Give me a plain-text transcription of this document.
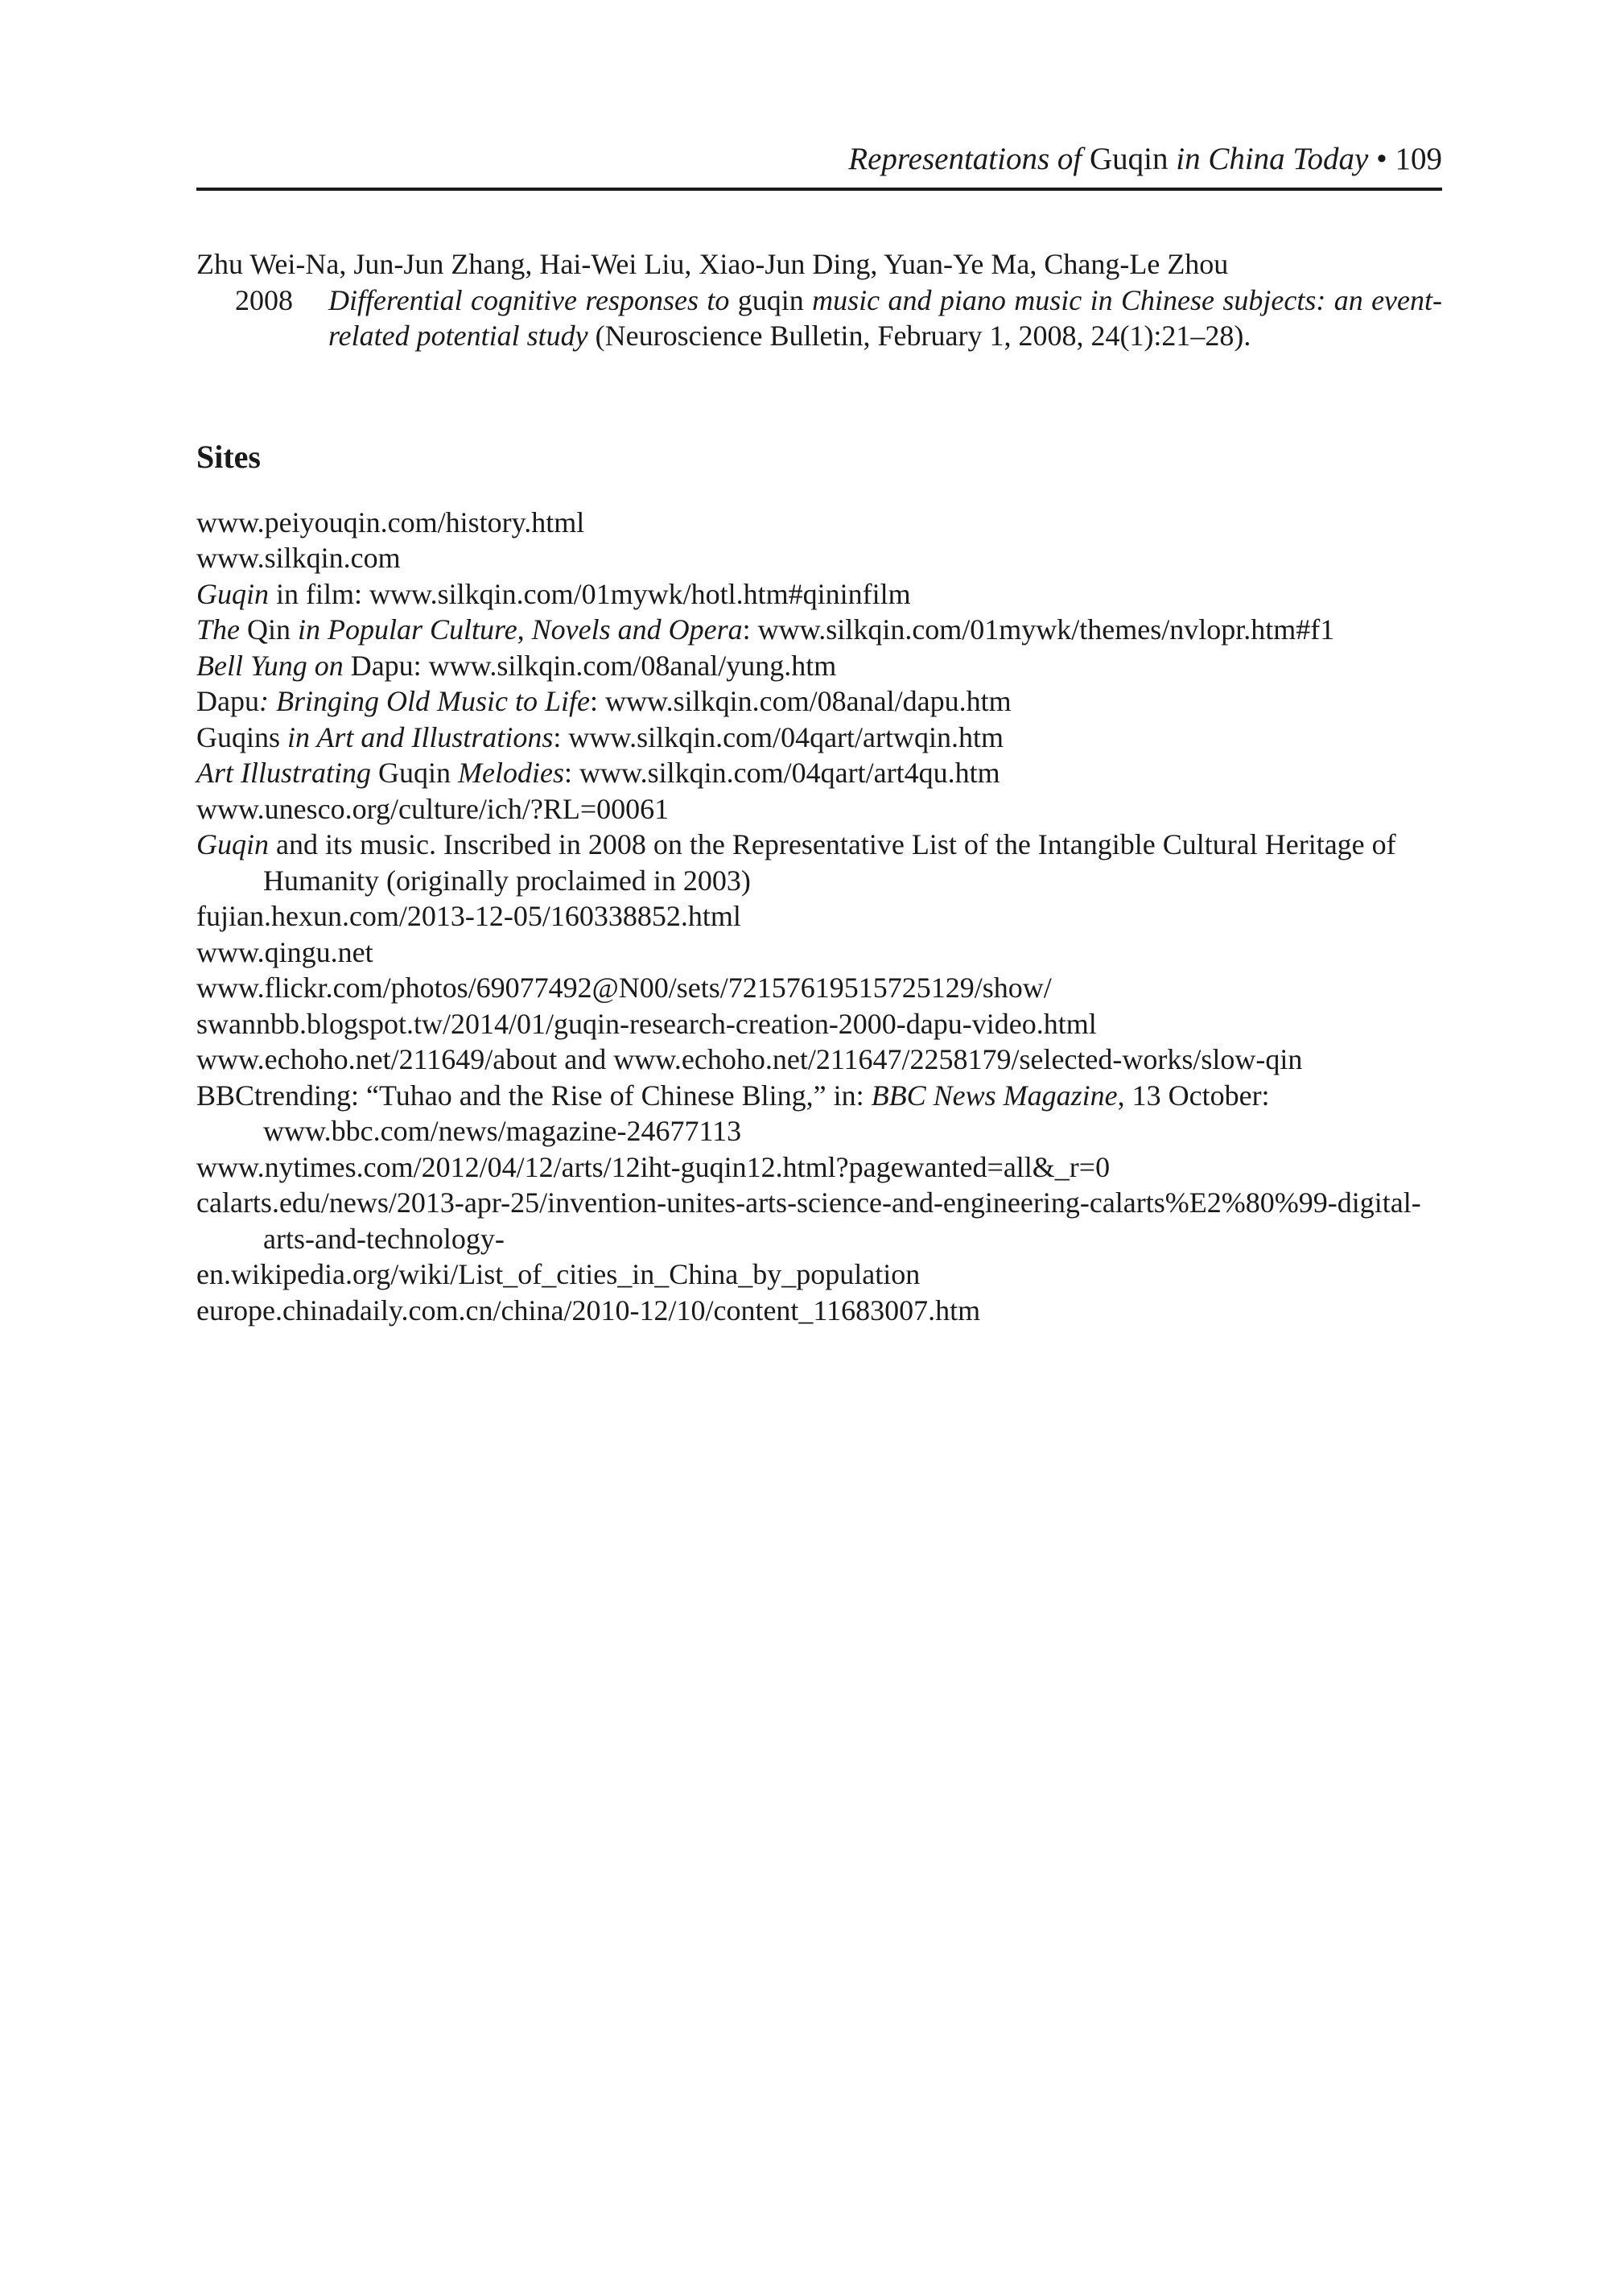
Representations of Guqin in China Today • 109

Zhu Wei-Na, Jun-Jun Zhang, Hai-Wei Liu, Xiao-Jun Ding, Yuan-Ye Ma, Chang-Le Zhou

2008	Differential cognitive responses to guqin music and piano music in Chinese subjects: an event-related potential study (Neuroscience Bulletin, February 1, 2008, 24(1):21–28).
Sites
www.peiyouqin.com/history.html
www.silkqin.com
Guqin in film: www.silkqin.com/01mywk/hotl.htm#qininfilm
The Qin in Popular Culture, Novels and Opera: www.silkqin.com/01mywk/themes/nvlopr.htm#f1
Bell Yung on Dapu: www.silkqin.com/08anal/yung.htm
Dapu: Bringing Old Music to Life: www.silkqin.com/08anal/dapu.htm
Guqins in Art and Illustrations: www.silkqin.com/04qart/artwqin.htm
Art Illustrating Guqin Melodies: www.silkqin.com/04qart/art4qu.htm
www.unesco.org/culture/ich/?RL=00061
Guqin and its music. Inscribed in 2008 on the Representative List of the Intangible Cultural Heritage of Humanity (originally proclaimed in 2003)
fujian.hexun.com/2013-12-05/160338852.html
www.qingu.net
www.flickr.com/photos/69077492@N00/sets/72157619515725129/show/
swannbb.blogspot.tw/2014/01/guqin-research-creation-2000-dapu-video.html
www.echoho.net/211649/about and www.echoho.net/211647/2258179/selected-works/slow-qin
BBCtrending: “Tuhao and the Rise of Chinese Bling,” in: BBC News Magazine, 13 October: www.bbc.com/news/magazine-24677113
www.nytimes.com/2012/04/12/arts/12iht-guqin12.html?pagewanted=all&_r=0
calarts.edu/news/2013-apr-25/invention-unites-arts-science-and-engineering-calarts%E2%80%99-digital-arts-and-technology-
en.wikipedia.org/wiki/List_of_cities_in_China_by_population
europe.chinadaily.com.cn/china/2010-12/10/content_11683007.htm
